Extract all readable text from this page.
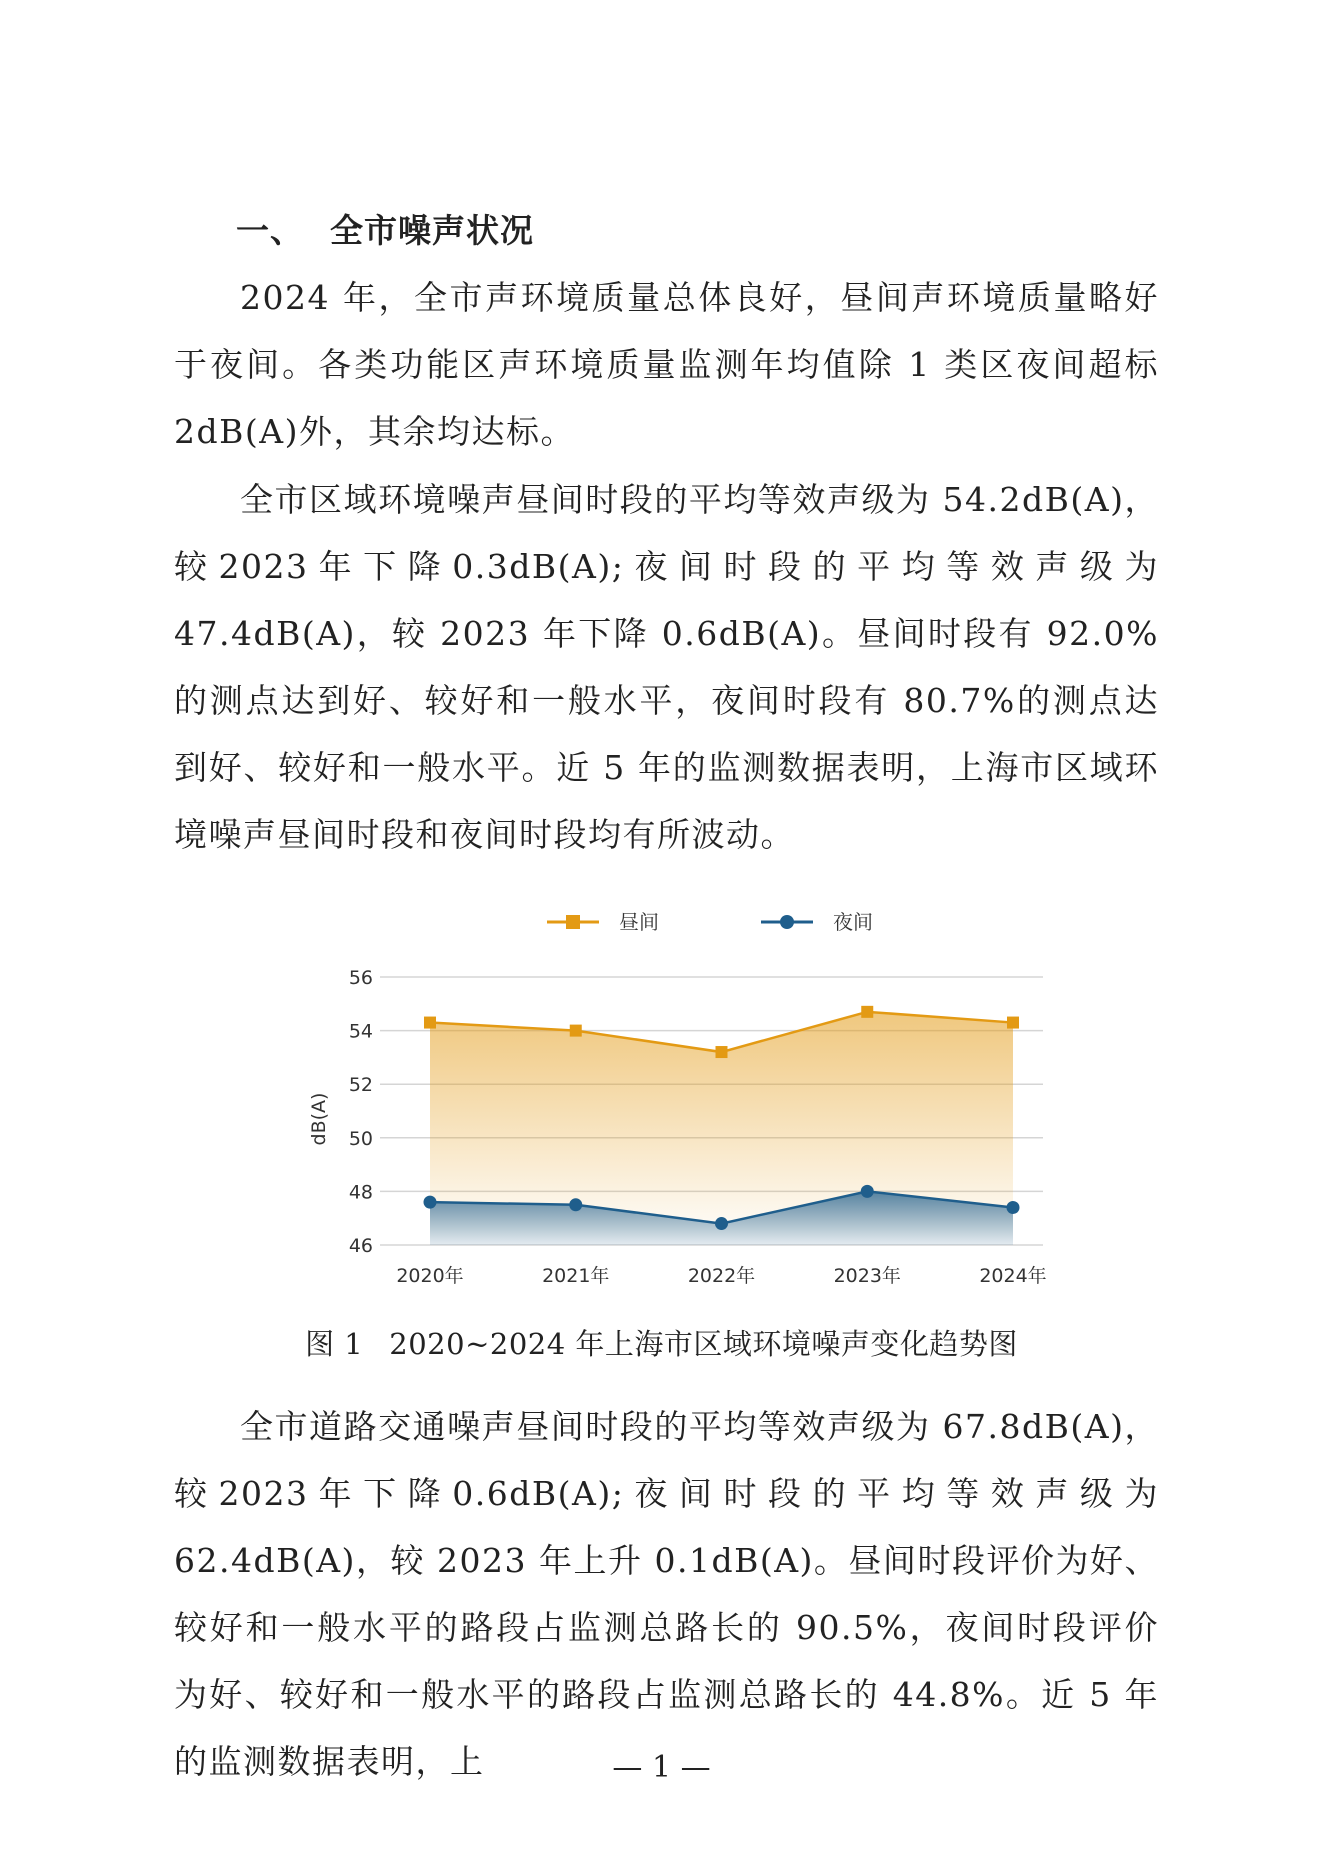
一、 全市噪声状况
2024 年，全市声环境质量总体良好，昼间声环境质量略好于夜间。各类功能区声环境质量监测年均值除 1 类区夜间超标 2dB(A)外，其余均达标。
全市区域环境噪声昼间时段的平均等效声级为 54.2dB(A)，较2023年下降0.3dB(A);夜间时段的平均等效声级为47.4dB(A)，较 2023 年下降 0.6dB(A)。昼间时段有 92.0%的测点达到好、较好和一般水平，夜间时段有 80.7%的测点达到好、较好和一般水平。近 5 年的监测数据表明，上海市区域环境噪声昼间时段和夜间时段均有所波动。
56
54
52
50
48
46
dB(A)
2020年	2021年	2022年	2023年	2024年
昼间	夜间
图 1 2020~2024 年上海市区域环境噪声变化趋势图
全市道路交通噪声昼间时段的平均等效声级为 67.8dB(A)，较2023年下降0.6dB(A);夜间时段的平均等效声级为62.4dB(A)，较 2023 年上升 0.1dB(A)。昼间时段评价为好、较好和一般水平的路段占监测总路长的 90.5%，夜间时段评价为好、较好和一般水平的路段占监测总路长的 44.8%。近 5 年的监测数据表明，上	— 1 —
